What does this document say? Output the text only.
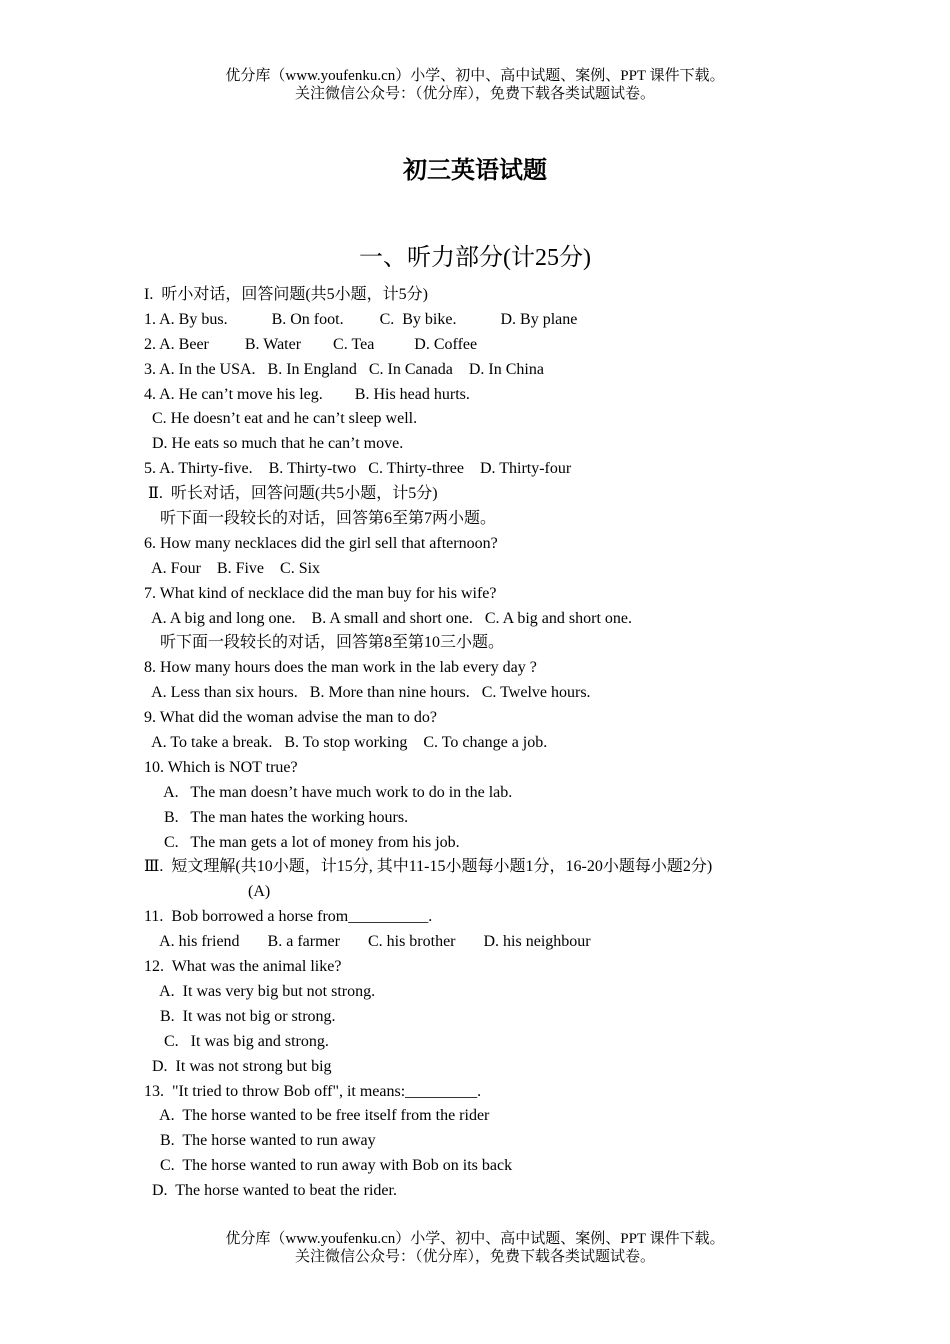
优分库（www.youfenku.cn）小学、初中、高中试题、案例、PPT 课件下载。
关注微信公众号：（优分库），免费下载各类试题试卷。
初三英语试题
一、听力部分(计25分)
I.  听小对话，回答问题(共5小题，计5分)
1. A. By bus.           B. On foot.         C.  By bike.           D. By plane
2. A. Beer         B. Water        C. Tea          D. Coffee
3. A. In the USA.   B. In England   C. In Canada    D. In China
4. A. He can’t move his leg.        B. His head hurts.
C. He doesn’t eat and he can’t sleep well.
D. He eats so much that he can’t move.
5. A. Thirty-five.    B. Thirty-two   C. Thirty-three    D. Thirty-four
Ⅱ.  听长对话，回答问题(共5小题，计5分)
听下面一段较长的对话，回答第6至第7两小题。
6. How many necklaces did the girl sell that afternoon?
A. Four    B. Five    C. Six
7. What kind of necklace did the man buy for his wife?
A. A big and long one.    B. A small and short one.   C. A big and short one.
听下面一段较长的对话，回答第8至第10三小题。
8. How many hours does the man work in the lab every day ?
A. Less than six hours.   B. More than nine hours.   C. Twelve hours.
9. What did the woman advise the man to do?
A. To take a break.   B. To stop working    C. To change a job.
10. Which is NOT true?
A.   The man doesn’t have much work to do in the lab.
B.   The man hates the working hours.
C.   The man gets a lot of money from his job.
Ⅲ.  短文理解(共10小题，计15分, 其中11-15小题每小题1分，16-20小题每小题2分)
(A)
11.  Bob borrowed a horse from__________.
A. his friend       B. a farmer       C. his brother       D. his neighbour
12.  What was the animal like?
A.  It was very big but not strong.
B.  It was not big or strong.
C.   It was big and strong.
D.  It was not strong but big
13.  "It tried to throw Bob off", it means:_________.
A.  The horse wanted to be free itself from the rider
B.  The horse wanted to run away
C.  The horse wanted to run away with Bob on its back
D.  The horse wanted to beat the rider.
优分库（www.youfenku.cn）小学、初中、高中试题、案例、PPT 课件下载。
关注微信公众号：（优分库），免费下载各类试题试卷。
